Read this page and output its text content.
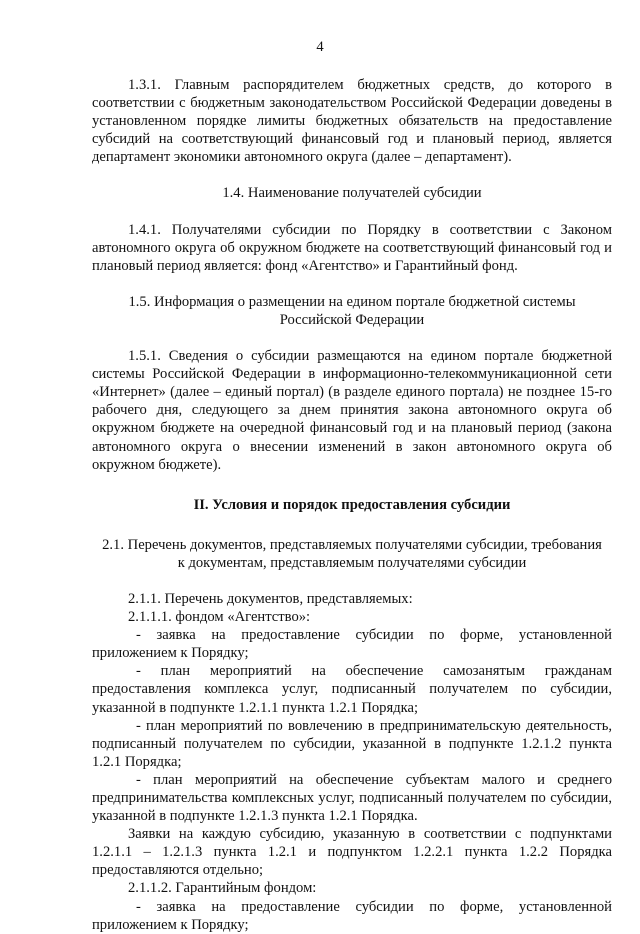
4

1.3.1. Главным распорядителем бюджетных средств, до которого в соответствии с бюджетным законодательством Российской Федерации доведены в установленном порядке лимиты бюджетных обязательств на предоставление субсидий на соответствующий финансовый год и плановый период, является департамент экономики автономного округа (далее – департамент).

1.4. Наименование получателей субсидии

1.4.1. Получателями субсидии по Порядку в соответствии с Законом автономного округа об окружном бюджете на соответствующий финансовый год и плановый период является: фонд «Агентство» и Гарантийный фонд.

1.5. Информация о размещении на едином портале бюджетной системы

Российской Федерации

1.5.1. Сведения о субсидии размещаются на едином портале бюджетной системы Российской Федерации в информационно-телекоммуникационной сети «Интернет» (далее – единый портал) (в разделе единого портала) не позднее 15-го рабочего дня, следующего за днем принятия закона автономного округа об окружном бюджете на очередной финансовый год и на плановый период (закона автономного округа о внесении изменений в закон автономного округа об окружном бюджете).

II. Условия и порядок предоставления субсидии

2.1. Перечень документов, представляемых получателями субсидии, требования

к документам, представляемым получателями субсидии

2.1.1. Перечень документов, представляемых:

2.1.1.1. фондом «Агентство»:

- заявка на предоставление субсидии по форме, установленной приложением к Порядку;

- план мероприятий на обеспечение самозанятым гражданам предоставления комплекса услуг, подписанный получателем по субсидии, указанной в подпункте 1.2.1.1 пункта 1.2.1 Порядка;

- план мероприятий по вовлечению в предпринимательскую деятельность, подписанный получателем по субсидии, указанной в подпункте 1.2.1.2 пункта 1.2.1 Порядка;

- план мероприятий на обеспечение субъектам малого и среднего предпринимательства комплексных услуг, подписанный получателем по субсидии, указанной в подпункте 1.2.1.3 пункта 1.2.1 Порядка.

Заявки на каждую субсидию, указанную в соответствии с подпунктами 1.2.1.1 – 1.2.1.3 пункта 1.2.1 и подпунктом 1.2.2.1 пункта 1.2.2 Порядка предоставляются отдельно;

2.1.1.2. Гарантийным фондом:

- заявка на предоставление субсидии по форме, установленной приложением к Порядку;
